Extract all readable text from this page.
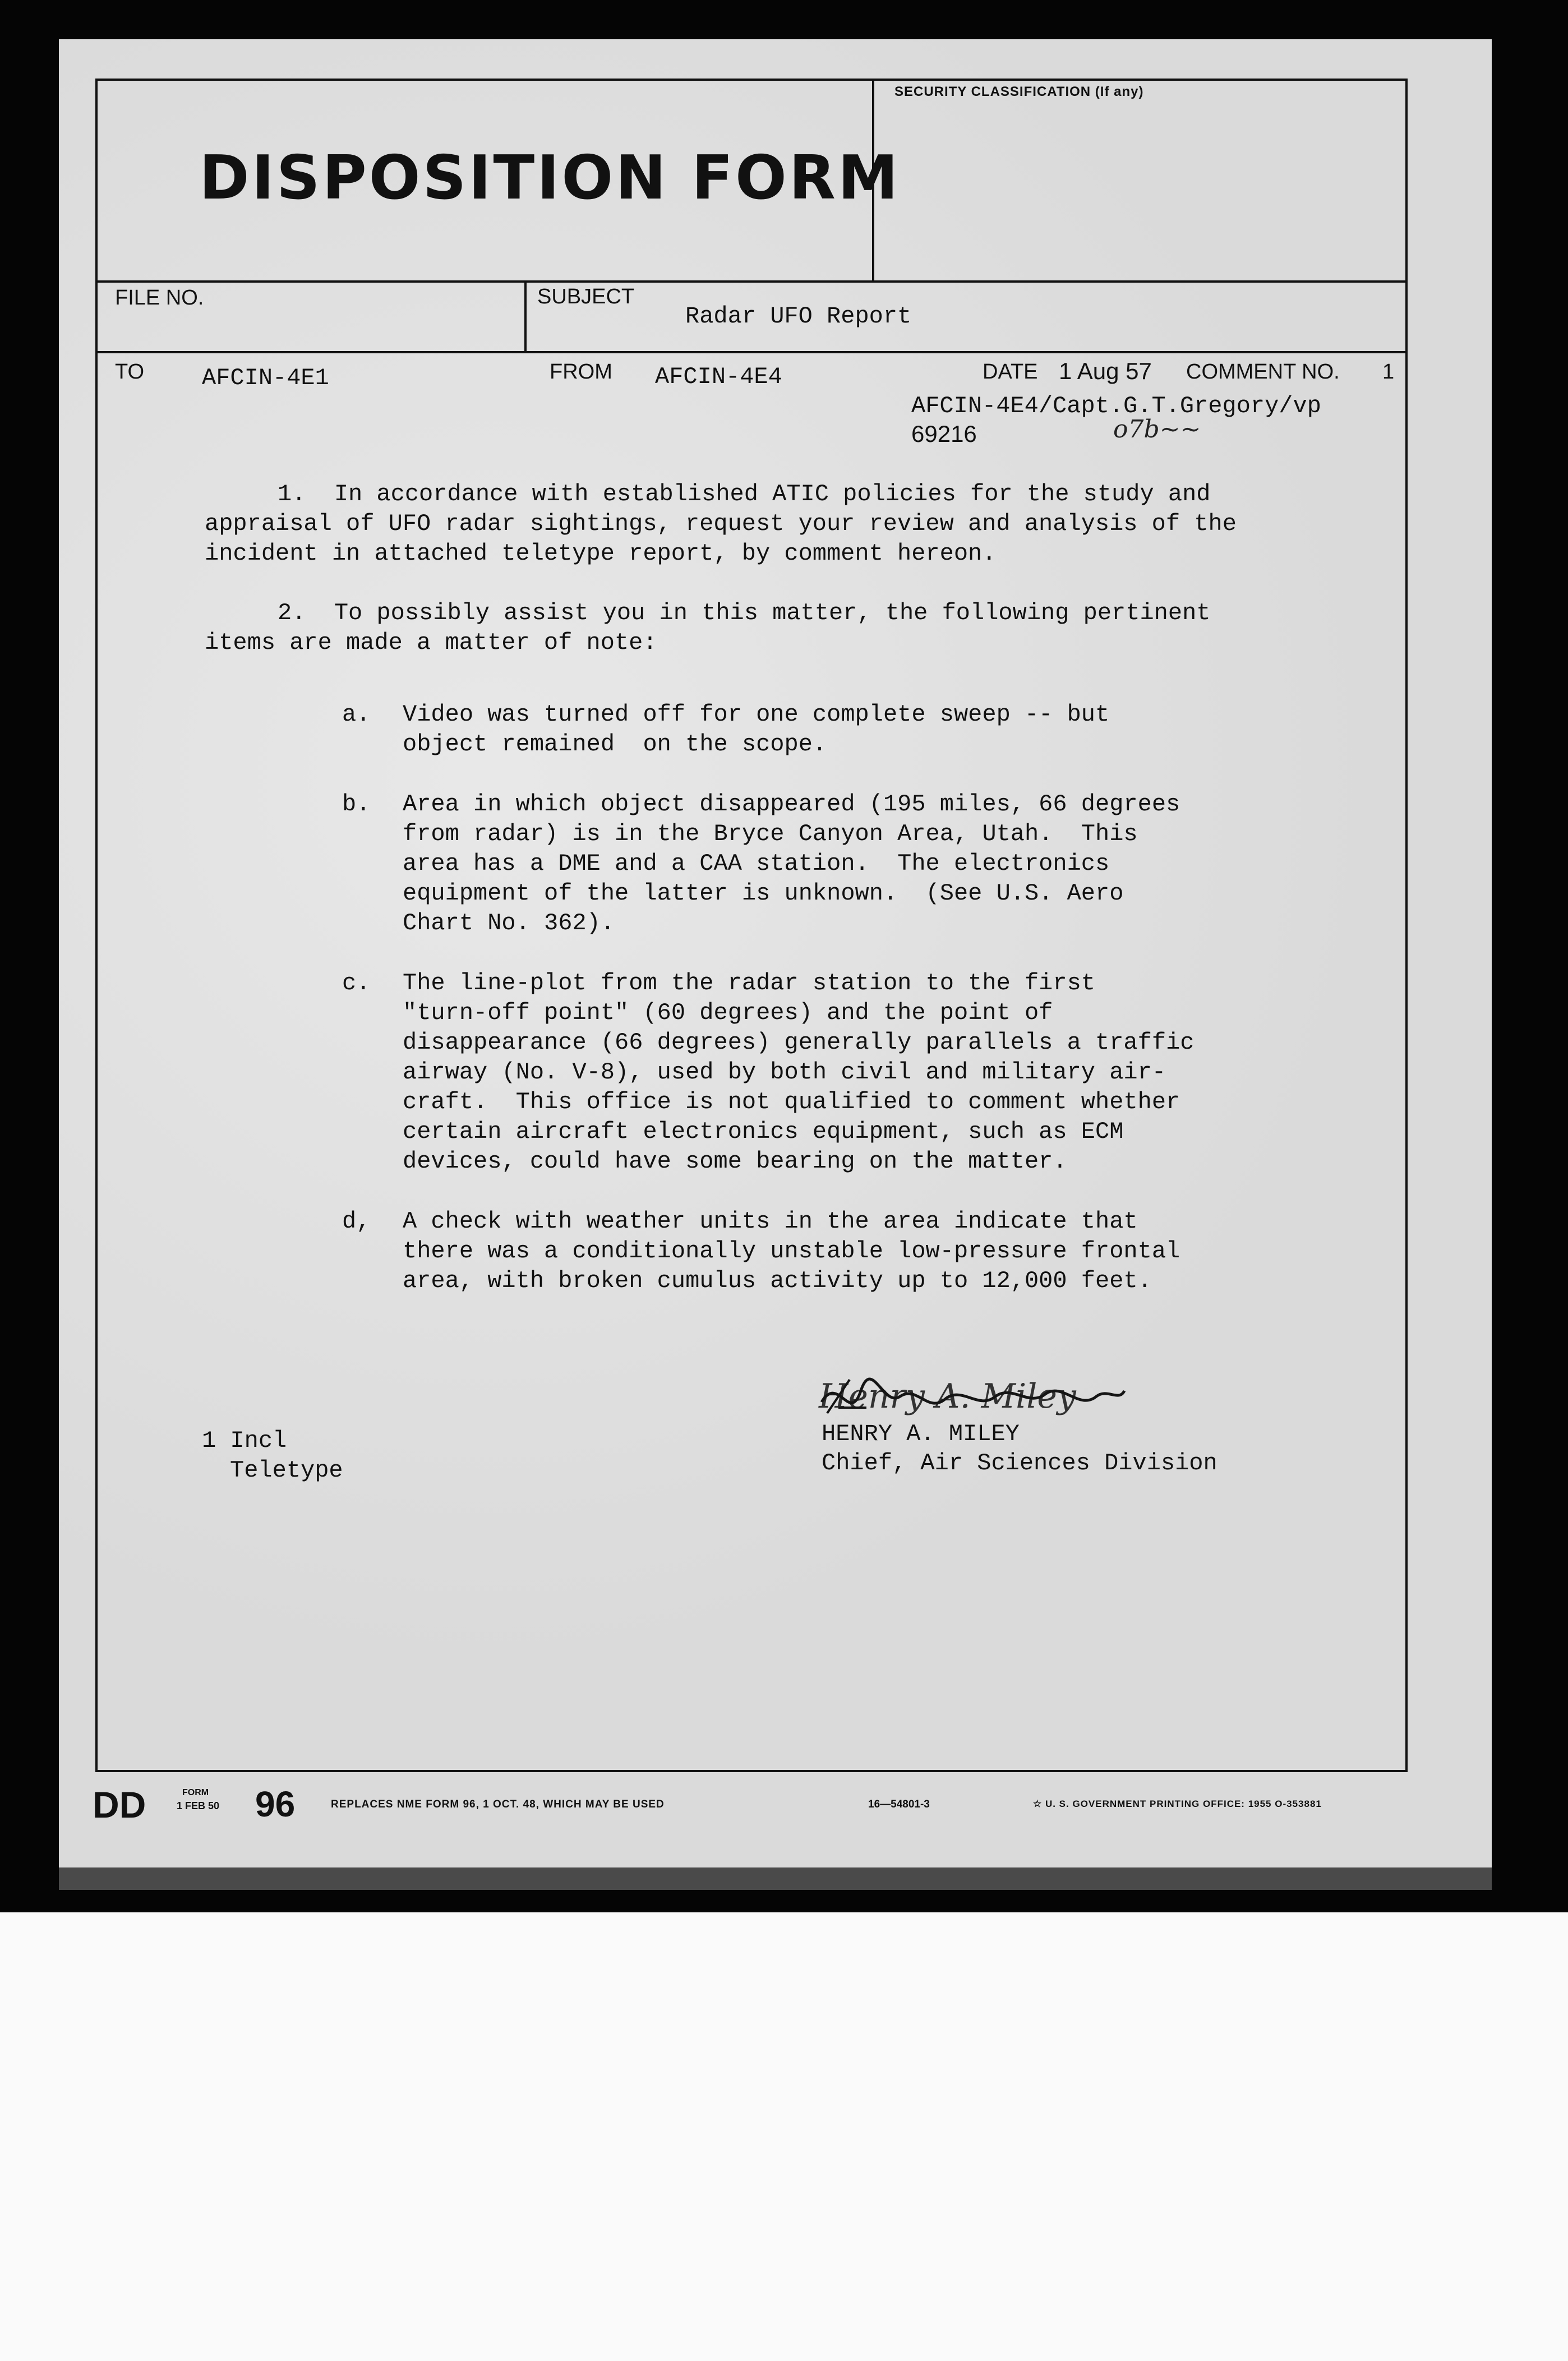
DISPOSITION FORM
SECURITY CLASSIFICATION (If any)
FILE NO.	SUBJECT
Radar UFO Report
TO AFCIN-4E1	FROM AFCIN-4E4	DATE 1 Aug 57 COMMENT NO. 1
AFCIN-4E4/Capt.G.T.Gregory/vp
69216	o7b~~
1.  In accordance with established ATIC policies for the study and
appraisal of UFO radar sightings, request your review and analysis of the
incident in attached teletype report, by comment hereon.
2.  To possibly assist you in this matter, the following pertinent
items are made a matter of note:
a. Video was turned off for one complete sweep -- but
object remained  on the scope.
b. Area in which object disappeared (195 miles, 66 degrees
from radar) is in the Bryce Canyon Area, Utah.  This
area has a DME and a CAA station.  The electronics
equipment of the latter is unknown.  (See U.S. Aero
Chart No. 362).
c. The line-plot from the radar station to the first
"turn-off point" (60 degrees) and the point of
disappearance (66 degrees) generally parallels a traffic
airway (No. V-8), used by both civil and military air-
craft.  This office is not qualified to comment whether
certain aircraft electronics equipment, such as ECM
devices, could have some bearing on the matter.
d, A check with weather units in the area indicate that
there was a conditionally unstable low-pressure frontal
area, with broken cumulus activity up to 12,000 feet.
1 Incl
Teletype
Henry A. Miley
HENRY A. MILEY
Chief, Air Sciences Division
DD	FORM
1 FEB 50 96	REPLACES NME FORM 96, 1 OCT. 48, WHICH MAY BE USED	16—54801-3	☆ U. S. GOVERNMENT PRINTING OFFICE: 1955 O-353881
